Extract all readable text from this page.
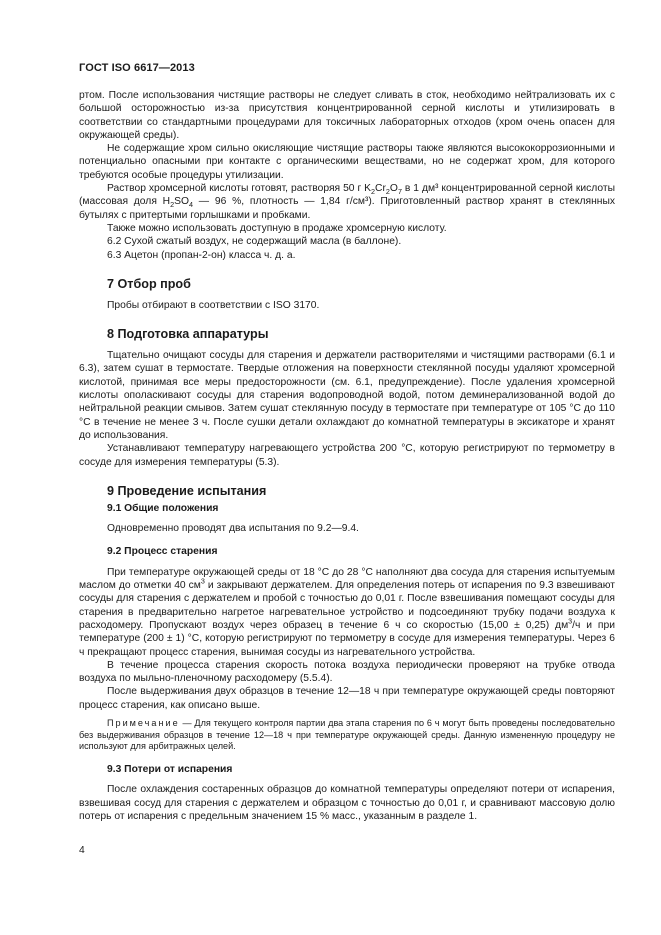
ГОСТ ISO 6617—2013

ртом. После использования чистящие растворы не следует сливать в сток, необходимо нейтрализовать их с большой осторожностью из-за присутствия концентрированной серной кислоты и утилизировать в соответствии со стандартными процедурами для токсичных лабораторных отходов (хром очень опасен для окружающей среды).

Не содержащие хром сильно окисляющие чистящие растворы также являются высококоррозионными и потенциально опасными при контакте с органическими веществами, но не содержат хром, для которого требуются особые процедуры утилизации.

Раствор хромсерной кислоты готовят, растворяя 50 г $K_2Cr_2O_7$ в 1 дм³ концентрированной серной кислоты (массовая доля $H_2SO_4$ — 96 %, плотность — 1,84 г/см³). Приготовленный раствор хранят в стеклянных бутылях с притертыми горлышками и пробками.

Также можно использовать доступную в продаже хромсерную кислоту.

6.2 Сухой сжатый воздух, не содержащий масла (в баллоне).

6.3 Ацетон (пропан-2-он) класса ч. д. а.

7 Отбор проб

Пробы отбирают в соответствии с ISO 3170.

8 Подготовка аппаратуры

Тщательно очищают сосуды для старения и держатели растворителями и чистящими растворами (6.1 и 6.3), затем сушат в термостате. Твердые отложения на поверхности стеклянной посуды удаляют хромсерной кислотой, принимая все меры предосторожности (см. 6.1, предупреждение). После удаления хромсерной кислоты ополаскивают сосуды для старения водопроводной водой, потом деминерализованной водой до нейтральной реакции смывов. Затем сушат стеклянную посуду в термостате при температуре от 105 °C до 110 °C в течение не менее 3 ч. После сушки детали охлаждают до комнатной температуры в эксикаторе и хранят до использования.

Устанавливают температуру нагревающего устройства 200 °C, которую регистрируют по термометру в сосуде для измерения температуры (5.3).

9 Проведение испытания
9.1 Общие положения

Одновременно проводят два испытания по 9.2—9.4.

9.2 Процесс старения

При температуре окружающей среды от 18 °C до 28 °C наполняют два сосуда для старения испытуемым маслом до отметки 40 $см^3$ и закрывают держателем. Для определения потерь от испарения по 9.3 взвешивают сосуды для старения с держателем и пробой с точностью до 0,01 г. После взвешивания помещают сосуды для старения в предварительно нагретое нагревательное устройство и подсоединяют трубку подачи воздуха к расходомеру. Пропускают воздух через образец в течение 6 ч со скоростью (15,00 ± 0,25) $дм^3/ч$ и при температуре (200 ± 1) °C, которую регистрируют по термометру в сосуде для измерения температуры. Через 6 ч прекращают процесс старения, вынимая сосуды из нагревательного устройства.

В течение процесса старения скорость потока воздуха периодически проверяют на трубке отвода воздуха по мыльно-пленочному расходомеру (5.5.4).

После выдерживания двух образцов в течение 12—18 ч при температуре окружающей среды повторяют процесс старения, как описано выше.

Примечание — Для текущего контроля партии два этапа старения по 6 ч могут быть проведены последовательно без выдерживания образцов в течение 12—18 ч при температуре окружающей среды. Данную измененную процедуру не используют для арбитражных целей.

9.3 Потери от испарения

После охлаждения состаренных образцов до комнатной температуры определяют потери от испарения, взвешивая сосуд для старения с держателем и образцом с точностью до 0,01 г, и сравнивают массовую долю потерь от испарения с предельным значением 15 % масс., указанным в разделе 1.

4
